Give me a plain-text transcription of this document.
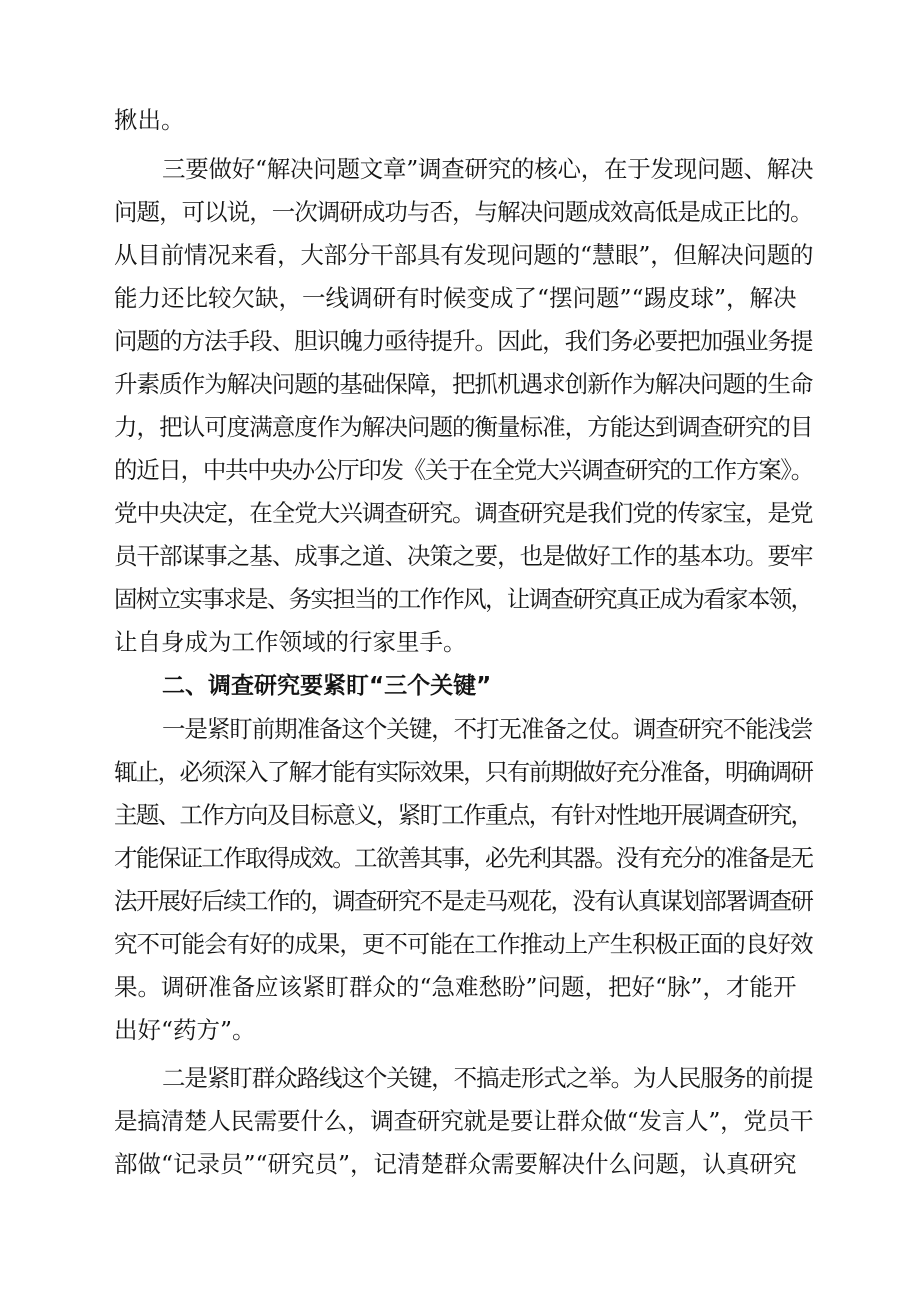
揪出。
三要做好“解决问题文章”调查研究的核心，在于发现问题、解决
问题，可以说，一次调研成功与否，与解决问题成效高低是成正比的。
从目前情况来看，大部分干部具有发现问题的“慧眼”，但解决问题的
能力还比较欠缺，一线调研有时候变成了“摆问题”“踢皮球”，解决
问题的方法手段、胆识魄力亟待提升。因此，我们务必要把加强业务提
升素质作为解决问题的基础保障，把抓机遇求创新作为解决问题的生命
力，把认可度满意度作为解决问题的衡量标准，方能达到调查研究的目
的近日，中共中央办公厅印发《关于在全党大兴调查研究的工作方案》。
党中央决定，在全党大兴调查研究。调查研究是我们党的传家宝，是党
员干部谋事之基、成事之道、决策之要，也是做好工作的基本功。要牢
固树立实事求是、务实担当的工作作风，让调查研究真正成为看家本领，
让自身成为工作领域的行家里手。
二、调查研究要紧盯“三个关键”
一是紧盯前期准备这个关键，不打无准备之仗。调查研究不能浅尝
辄止，必须深入了解才能有实际效果，只有前期做好充分准备，明确调研
主题、工作方向及目标意义，紧盯工作重点，有针对性地开展调查研究，
才能保证工作取得成效。工欲善其事，必先利其器。没有充分的准备是无
法开展好后续工作的，调查研究不是走马观花，没有认真谋划部署调查研
究不可能会有好的成果，更不可能在工作推动上产生积极正面的良好效
果。调研准备应该紧盯群众的“急难愁盼”问题，把好“脉”，才能开
出好“药方”。
二是紧盯群众路线这个关键，不搞走形式之举。为人民服务的前提
是搞清楚人民需要什么，调查研究就是要让群众做“发言人”，党员干
部做“记录员”“研究员”，记清楚群众需要解决什么问题，认真研究
